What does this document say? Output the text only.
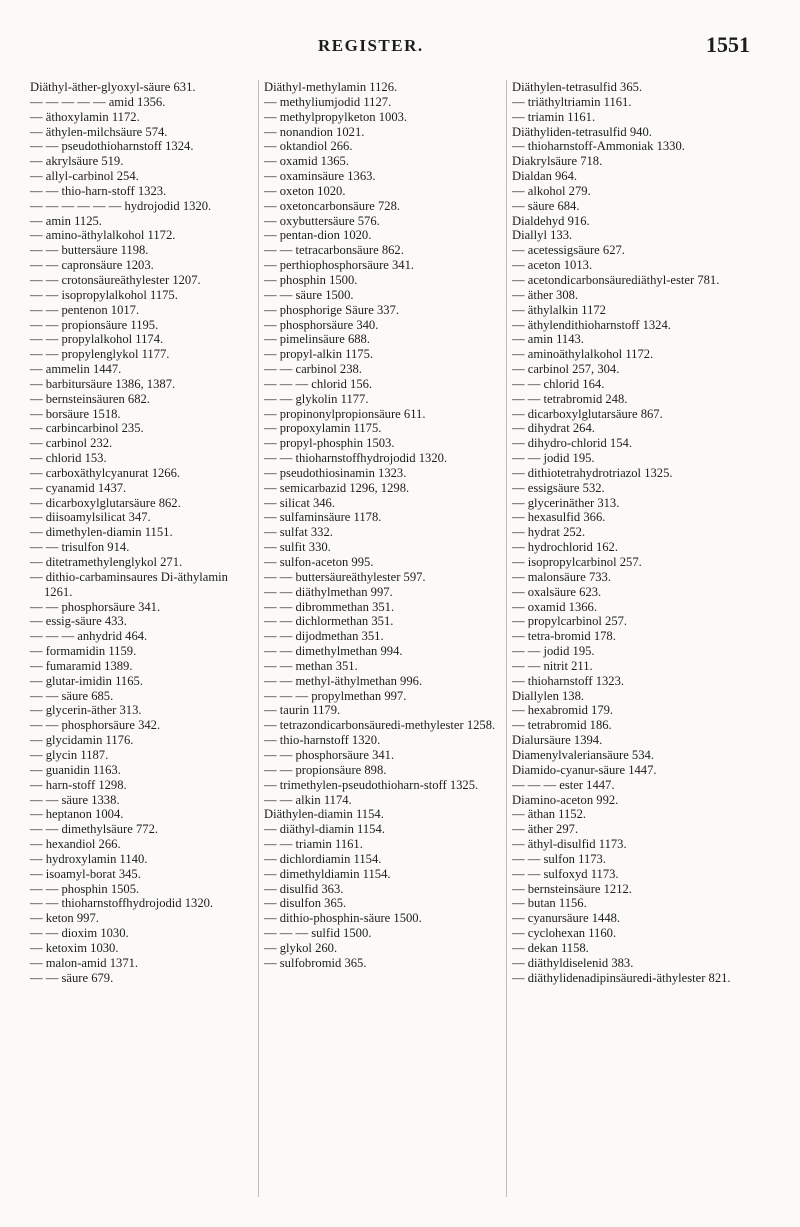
REGISTER.	1551
Diäthyl-äther-glyoxyl-säure 631.
— — — — — amid 1356.
— äthoxylamin 1172.
— äthylen-milchsäure 574.
— — pseudothioharnstoff 1324.
— akrylsäure 519.
— allyl-carbinol 254.
— — thio-harn-stoff 1323.
— — — — — — hydrojodid 1320.
— amin 1125.
— amino-äthylalkohol 1172.
— — buttersäure 1198.
— — capronsäure 1203.
— — crotonsäureäthylester 1207.
— — isopropylalkohol 1175.
— — pentenon 1017.
— — propionsäure 1195.
— — propylalkohol 1174.
— — propylenglykol 1177.
— ammelin 1447.
— barbitursäure 1386, 1387.
— bernsteinsäuren 682.
— borsäure 1518.
— carbincarbinol 235.
— carbinol 232.
— chlorid 153.
— carboxäthylcyanurat 1266.
— cyanamid 1437.
— dicarboxylglutarsäure 862.
— diisoamylsilicat 347.
— dimethylen-diamin 1151.
— — trisulfon 914.
— ditetramethylenglykol 271.
— dithio-carbaminsaures Di-äthylamin 1261.
— — phosphorsäure 341.
— essig-säure 433.
— — — anhydrid 464.
— formamidin 1159.
— fumaramid 1389.
— glutar-imidin 1165.
— — säure 685.
— glycerin-äther 313.
— — phosphorsäure 342.
— glycidamin 1176.
— glycin 1187.
— guanidin 1163.
— harn-stoff 1298.
— — säure 1338.
— heptanon 1004.
— — dimethylsäure 772.
— hexandiol 266.
— hydroxylamin 1140.
— isoamyl-borat 345.
— — phosphin 1505.
— — thioharnstoffhydrojodid 1320.
— keton 997.
— — dioxim 1030.
— ketoxim 1030.
— malon-amid 1371.
— — säure 679.
Diäthyl-methylamin 1126.
— methyliumjodid 1127.
— methylpropylketon 1003.
— nonandion 1021.
— oktandiol 266.
— oxamid 1365.
— oxaminsäure 1363.
— oxeton 1020.
— oxetoncarbonsäure 728.
— oxybuttersäure 576.
— pentan-dion 1020.
— — tetracarbonsäure 862.
— perthiophosphorsäure 341.
— phosphin 1500.
— — säure 1500.
— phosphorige Säure 337.
— phosphorsäure 340.
— pimelinsäure 688.
— propyl-alkin 1175.
— — carbinol 238.
— — — chlorid 156.
— — glykolin 1177.
— propinonylpropionsäure 611.
— propoxylamin 1175.
— propyl-phosphin 1503.
— — thioharnstoffhydrojodid 1320.
— pseudothiosinamin 1323.
— semicarbazid 1296, 1298.
— silicat 346.
— sulfaminsäure 1178.
— sulfat 332.
— sulfit 330.
— sulfon-aceton 995.
— — buttersäureäthylester 597.
— — diäthylmethan 997.
— — dibrommethan 351.
— — dichlormethan 351.
— — dijodmethan 351.
— — dimethylmethan 994.
— — methan 351.
— — methyl-äthylmethan 996.
— — — propylmethan 997.
— taurin 1179.
— tetrazondicarbonsäuredi-methylester 1258.
— thio-harnstoff 1320.
— — phosphorsäure 341.
— — propionsäure 898.
— trimethylen-pseudothioharn-stoff 1325.
— — alkin 1174.
Diäthylen-diamin 1154.
— diäthyl-diamin 1154.
— — triamin 1161.
— dichlordiamin 1154.
— dimethyldiamin 1154.
— disulfid 363.
— disulfon 365.
— dithio-phosphin-säure 1500.
— — — sulfid 1500.
— glykol 260.
— sulfobromid 365.
Diäthylen-tetrasulfid 365.
— triäthyltriamin 1161.
— triamin 1161.
Diäthyliden-tetrasulfid 940.
— thioharnstoff-Ammoniak 1330.
Diakrylsäure 718.
Dialdan 964.
— alkohol 279.
— säure 684.
Dialdehyd 916.
Diallyl 133.
— acetessigsäure 627.
— aceton 1013.
— acetondicarbonsäurediäthyl-ester 781.
— äther 308.
— äthylalkin 1172
— äthylendithioharnstoff 1324.
— amin 1143.
— aminoäthylalkohol 1172.
— carbinol 257, 304.
— — chlorid 164.
— — tetrabromid 248.
— dicarboxylglutarsäure 867.
— dihydrat 264.
— dihydro-chlorid 154.
— — jodid 195.
— dithiotetrahydrotriazol 1325.
— essigsäure 532.
— glycerinäther 313.
— hexasulfid 366.
— hydrat 252.
— hydrochlorid 162.
— isopropylcarbinol 257.
— malonsäure 733.
— oxalsäure 623.
— oxamid 1366.
— propylcarbinol 257.
— tetra-bromid 178.
— — jodid 195.
— — nitrit 211.
— thioharnstoff 1323.
Diallylen 138.
— hexabromid 179.
— tetrabromid 186.
Dialursäure 1394.
Diamenylvaleriansäure 534.
Diamido-cyanur-säure 1447.
— — — ester 1447.
Diamino-aceton 992.
— äthan 1152.
— äther 297.
— äthyl-disulfid 1173.
— — sulfon 1173.
— — sulfoxyd 1173.
— bernsteinsäure 1212.
— butan 1156.
— cyanursäure 1448.
— cyclohexan 1160.
— dekan 1158.
— diäthyldiselenid 383.
— diäthylidenadipinsäuredi-äthylester 821.
